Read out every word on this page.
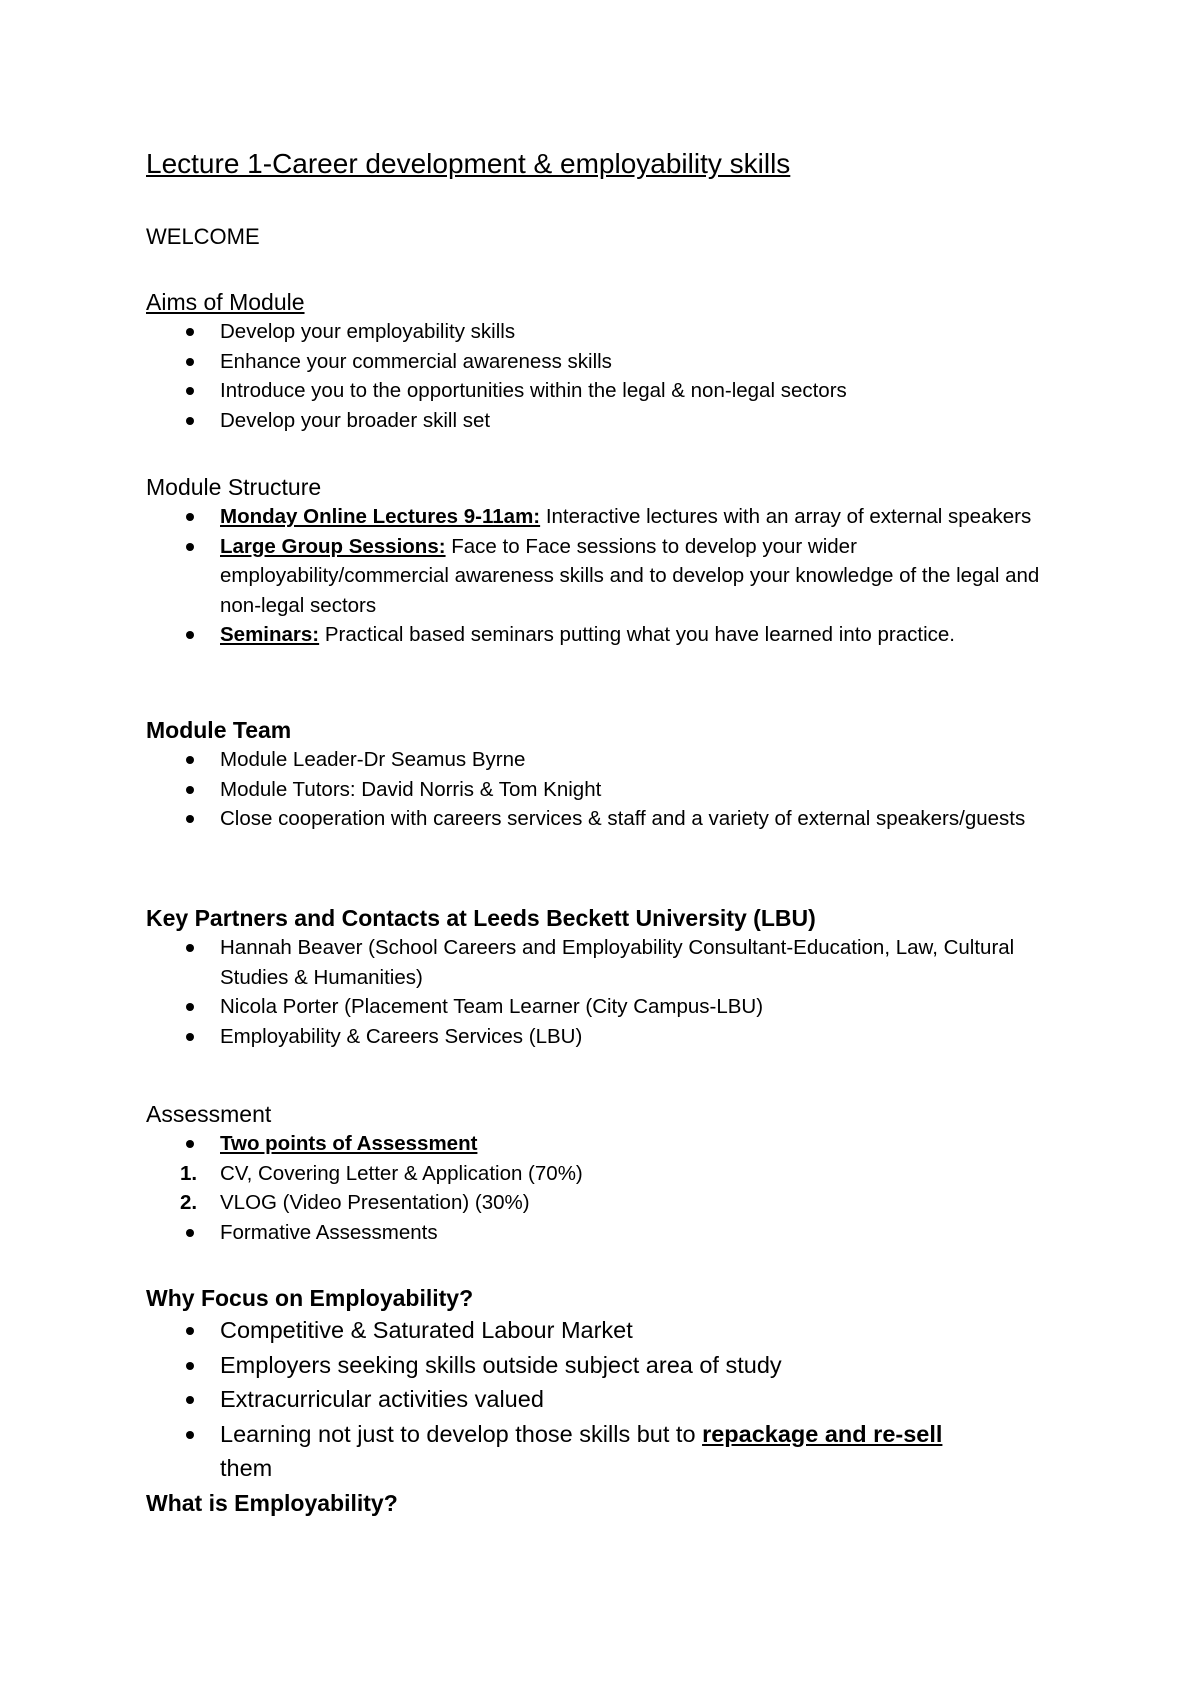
Lecture 1-Career development & employability skills
WELCOME
Aims of Module
Develop your employability skills
Enhance your commercial awareness skills
Introduce you to the opportunities within the legal & non-legal sectors
Develop your broader skill set
Module Structure
Monday Online Lectures 9-11am: Interactive lectures with an array of external speakers
Large Group Sessions: Face to Face sessions to develop your wider employability/commercial awareness skills and to develop your knowledge of the legal and non-legal sectors
Seminars: Practical based seminars putting what you have learned into practice.
Module Team
Module Leader-Dr Seamus Byrne
Module Tutors: David Norris & Tom Knight
Close cooperation with careers services & staff and a variety of external speakers/guests
Key Partners and Contacts at Leeds Beckett University (LBU)
Hannah Beaver (School Careers and Employability Consultant-Education, Law, Cultural Studies & Humanities)
Nicola Porter (Placement Team Learner (City Campus-LBU)
Employability & Careers Services (LBU)
Assessment
Two points of Assessment
1.	CV, Covering Letter & Application (70%)
2.	VLOG (Video Presentation) (30%)
Formative Assessments
Why Focus on Employability?
Competitive & Saturated Labour Market
Employers seeking skills outside subject area of study
Extracurricular activities valued
Learning not just to develop those skills but to repackage and re-sell
them
What is Employability?
